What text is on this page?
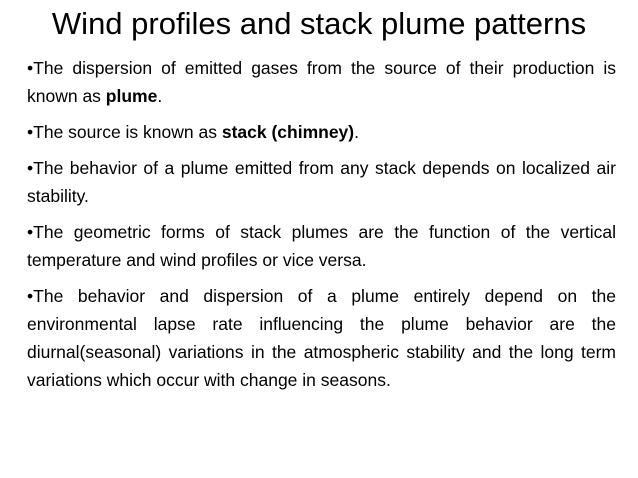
Wind profiles and stack plume patterns

•The dispersion of emitted gases from the source of their production is known as plume.

•The source is known as stack (chimney).

•The behavior of a plume emitted from any stack depends on localized air stability.

•The geometric forms of stack plumes are the function of the vertical temperature and wind profiles or vice versa.

•The behavior and dispersion of a plume entirely depend on the environmental lapse rate influencing the plume behavior are the diurnal(seasonal) variations in the atmospheric stability and the long term variations which occur with change in seasons.
